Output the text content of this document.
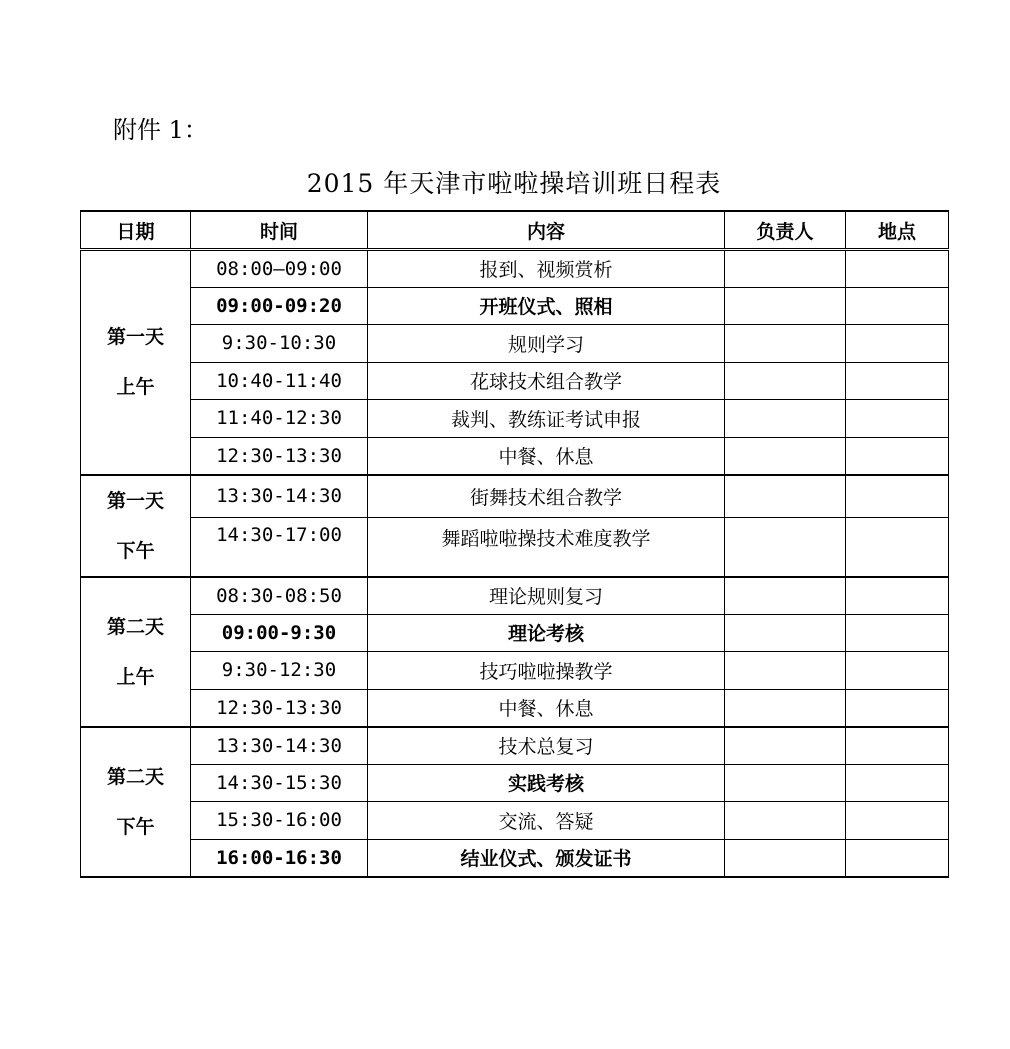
附件 1：
2015 年天津市啦啦操培训班日程表
日期	时间	内容	负责人	地点

第一天
上午	08:00—09:00	报到、视频赏析		
	09:00-09:20	开班仪式、照相		
	9:30-10:30	规则学习		
	10:40-11:40	花球技术组合教学		
	11:40-12:30	裁判、教练证考试申报		
	12:30-13:30	中餐、休息		

第一天
下午	13:30-14:30	街舞技术组合教学		
	14:30-17:00	舞蹈啦啦操技术难度教学		

第二天
上午	08:30-08:50	理论规则复习		
	09:00-9:30	理论考核		
	9:30-12:30	技巧啦啦操教学		
	12:30-13:30	中餐、休息		

第二天
下午	13:30-14:30	技术总复习		
	14:30-15:30	实践考核		
	15:30-16:00	交流、答疑		
	16:00-16:30	结业仪式、颁发证书		
